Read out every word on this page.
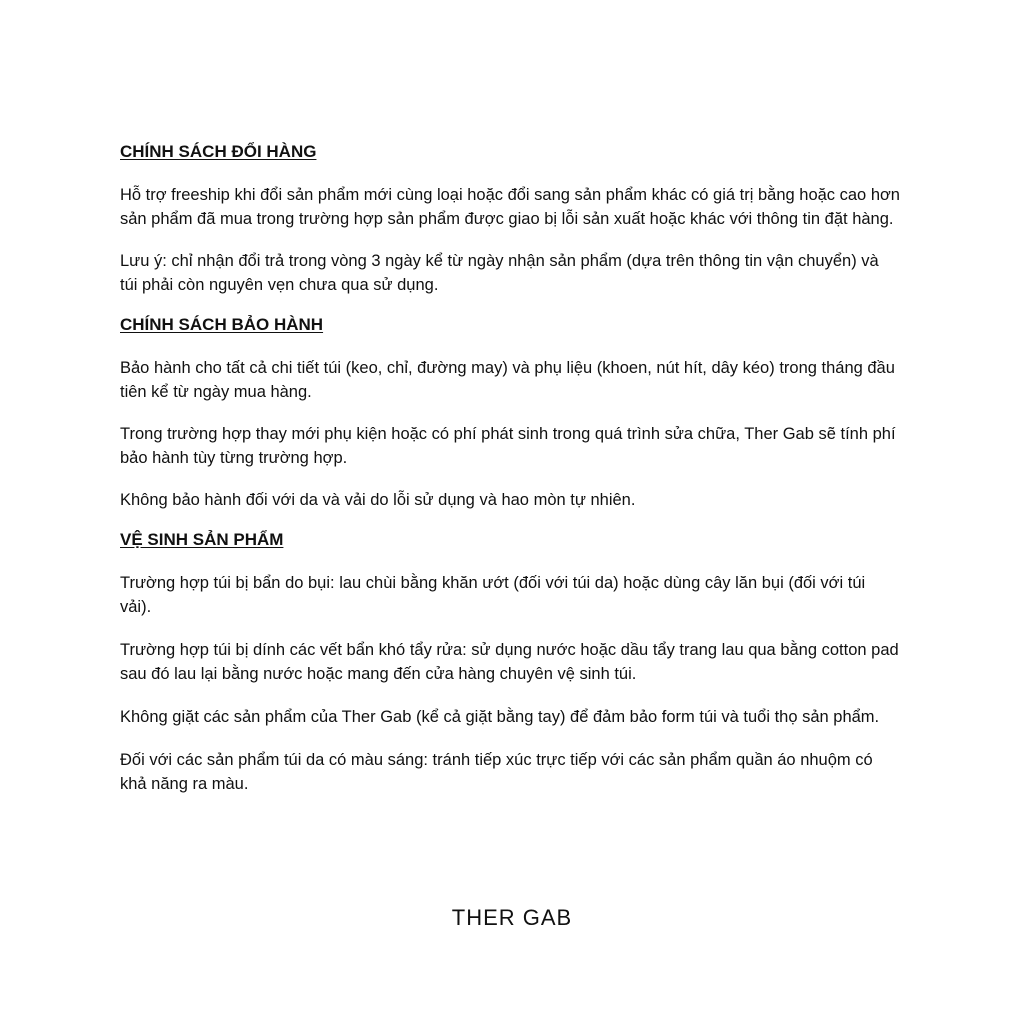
CHÍNH SÁCH ĐỔI HÀNG

Hỗ trợ freeship khi đổi sản phẩm mới cùng loại hoặc đổi sang sản phẩm khác có giá trị bằng hoặc cao hơn sản phẩm đã mua trong trường hợp sản phẩm được giao bị lỗi sản xuất hoặc khác với thông tin đặt hàng.

Lưu ý: chỉ nhận đổi trả trong vòng 3 ngày kể từ ngày nhận sản phẩm (dựa trên thông tin vận chuyển) và túi phải còn nguyên vẹn chưa qua sử dụng.

CHÍNH SÁCH BẢO HÀNH

Bảo hành cho tất cả chi tiết túi (keo, chỉ, đường may) và phụ liệu (khoen, nút hít, dây kéo) trong tháng đầu tiên kể từ ngày mua hàng.

Trong trường hợp thay mới phụ kiện hoặc có phí phát sinh trong quá trình sửa chữa, Ther Gab sẽ tính phí bảo hành tùy từng trường hợp.

Không bảo hành đối với da và vải do lỗi sử dụng và hao mòn tự nhiên.

VỆ SINH SẢN PHẨM

Trường hợp túi bị bẩn do bụi: lau chùi bằng khăn ướt (đối với túi da) hoặc dùng cây lăn bụi (đối với túi vải).

Trường hợp túi bị dính các vết bẩn khó tẩy rửa: sử dụng nước hoặc dầu tẩy trang lau qua bằng cotton pad sau đó lau lại bằng nước hoặc mang đến cửa hàng chuyên vệ sinh túi.

Không giặt các sản phẩm của Ther Gab (kể cả giặt bằng tay) để đảm bảo form túi và tuổi thọ sản phẩm.

Đối với các sản phẩm túi da có màu sáng: tránh tiếp xúc trực tiếp với các sản phẩm quần áo nhuộm có khả năng ra màu.

THER GAB
